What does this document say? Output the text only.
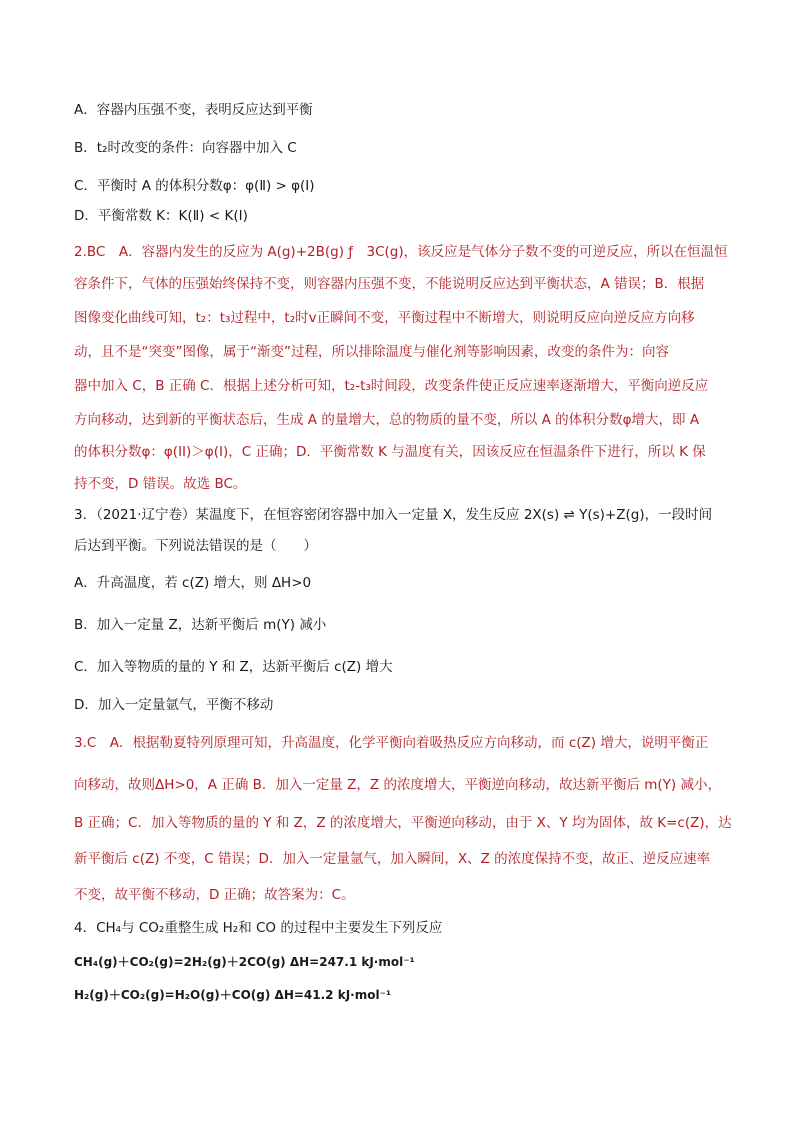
A．容器内压强不变，表明反应达到平衡
B．t₂时改变的条件：向容器中加入 C
C．平衡时 A 的体积分数φ：φ(Ⅱ) > φ(Ⅰ)
D．平衡常数 K：K(Ⅱ) < K(Ⅰ)
2.BC　A．容器内发生的反应为 A(g)+2B(g) ƒ　3C(g)，该反应是气体分子数不变的可逆反应，所以在恒温恒
容条件下，气体的压强始终保持不变，则容器内压强不变，不能说明反应达到平衡状态，A 错误；B．根据
图像变化曲线可知，t₂：t₃过程中，t₂时v正瞬间不变，平衡过程中不断增大，则说明反应向逆反应方向移
动，且不是“突变”图像，属于“渐变”过程，所以排除温度与催化剂等影响因素，改变的条件为：向容
器中加入 C，B 正确 C．根据上述分析可知，t₂-t₃时间段，改变条件使正反应速率逐渐增大，平衡向逆反应
方向移动，达到新的平衡状态后，生成 A 的量增大，总的物质的量不变，所以 A 的体积分数φ增大，即 A
的体积分数φ：φ(II)＞φ(I)，C 正确；D．平衡常数 K 与温度有关，因该反应在恒温条件下进行，所以 K 保
持不变，D 错误。故选 BC。
3．（2021·辽宁卷）某温度下，在恒容密闭容器中加入一定量 X，发生反应 2X(s) ⇌ Y(s)+Z(g)，一段时间
后达到平衡。下列说法错误的是（　　）
A．升高温度，若 c(Z) 增大，则 ΔH>0
B．加入一定量 Z，达新平衡后 m(Y) 减小
C．加入等物质的量的 Y 和 Z，达新平衡后 c(Z) 增大
D．加入一定量氩气，平衡不移动
3.C　A．根据勒夏特列原理可知，升高温度，化学平衡向着吸热反应方向移动，而 c(Z) 增大，说明平衡正
向移动，故则ΔH>0，A 正确 B．加入一定量 Z，Z 的浓度增大，平衡逆向移动，故达新平衡后 m(Y) 减小，
B 正确；C．加入等物质的量的 Y 和 Z，Z 的浓度增大，平衡逆向移动，由于 X、Y 均为固体，故 K=c(Z)，达
新平衡后 c(Z) 不变，C 错误；D．加入一定量氩气，加入瞬间，X、Z 的浓度保持不变，故正、逆反应速率
不变，故平衡不移动，D 正确；故答案为：C。
4．CH₄与 CO₂重整生成 H₂和 CO 的过程中主要发生下列反应
CH₄(g)＋CO₂(g)=2H₂(g)＋2CO(g) ΔH=247.1 kJ·mol⁻¹
H₂(g)＋CO₂(g)=H₂O(g)＋CO(g) ΔH=41.2 kJ·mol⁻¹
